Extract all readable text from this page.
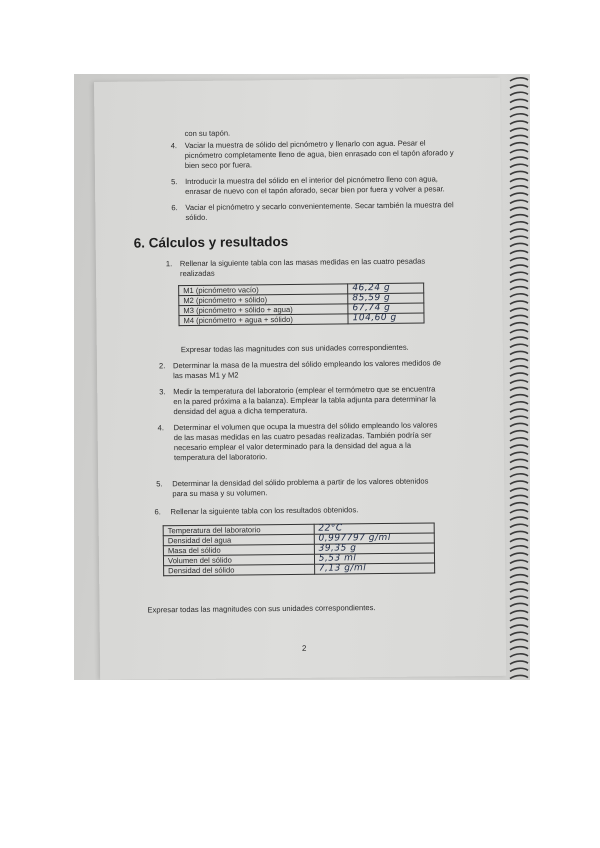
con su tapón.
4. Vaciar la muestra de sólido del picnómetro y llenarlo con agua. Pesar el
picnómetro completamente lleno de agua, bien enrasado con el tapón aforado y
bien seco por fuera.
5. Introducir la muestra del sólido en el interior del picnómetro lleno con agua,
enrasar de nuevo con el tapón aforado, secar bien por fuera y volver a pesar.
6. Vaciar el picnómetro y secarlo convenientemente. Secar también la muestra del
sólido.
6. Cálculos y resultados
1. Rellenar la siguiente tabla con las masas medidas en las cuatro pesadas
realizadas
M1 (picnómetro vacío)	46,24 g
M2 (picnómetro + sólido)	85,59 g
M3 (picnómetro + sólido + agua)	67,74 g
M4 (picnómetro + agua + sólido)	104,60 g
Expresar todas las magnitudes con sus unidades correspondientes.
2. Determinar la masa de la muestra del sólido empleando los valores medidos de
las masas M1 y M2
3. Medir la temperatura del laboratorio (emplear el termómetro que se encuentra
en la pared próxima a la balanza). Emplear la tabla adjunta para determinar la
densidad del agua a dicha temperatura.
4. Determinar el volumen que ocupa la muestra del sólido empleando los valores
de las masas medidas en las cuatro pesadas realizadas. También podría ser
necesario emplear el valor determinado para la densidad del agua a la
temperatura del laboratorio.
5. Determinar la densidad del sólido problema a partir de los valores obtenidos
para su masa y su volumen.
6. Rellenar la siguiente tabla con los resultados obtenidos.
Temperatura del laboratorio	22°C
Densidad del agua	0,997797 g/ml
Masa del sólido	39,35 g
Volumen del sólido	5,53 ml
Densidad del sólido	7,13 g/ml
Expresar todas las magnitudes con sus unidades correspondientes.
2
